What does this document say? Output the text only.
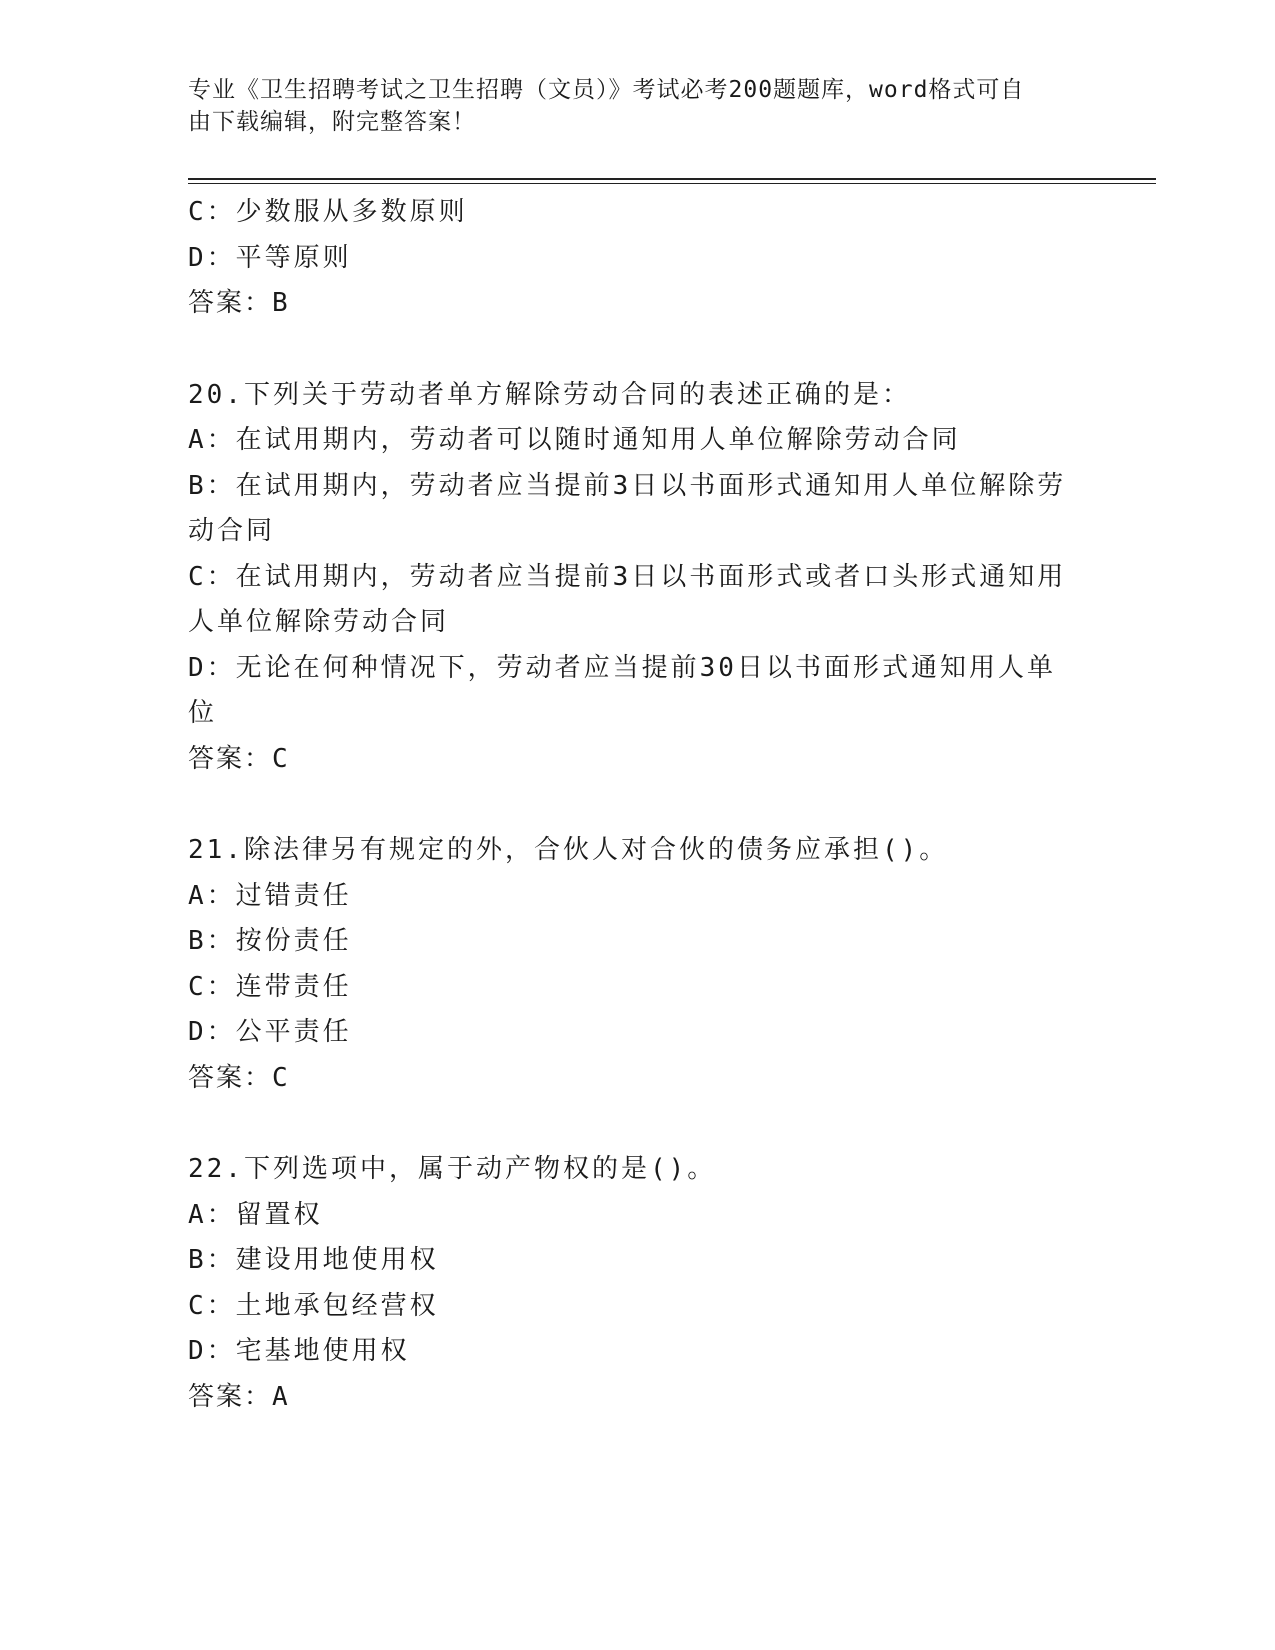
专业《卫生招聘考试之卫生招聘（文员）》考试必考200题题库，word格式可自
由下载编辑，附完整答案！

C：少数服从多数原则

D：平等原则

答案：B

20.下列关于劳动者单方解除劳动合同的表述正确的是：

A：在试用期内，劳动者可以随时通知用人单位解除劳动合同

B：在试用期内，劳动者应当提前3日以书面形式通知用人单位解除劳

动合同

C：在试用期内，劳动者应当提前3日以书面形式或者口头形式通知用

人单位解除劳动合同

D：无论在何种情况下，劳动者应当提前30日以书面形式通知用人单

位

答案：C

21.除法律另有规定的外，合伙人对合伙的债务应承担()。

A：过错责任

B：按份责任

C：连带责任

D：公平责任

答案：C

22.下列选项中，属于动产物权的是()。

A：留置权

B：建设用地使用权

C：土地承包经营权

D：宅基地使用权

答案：A
